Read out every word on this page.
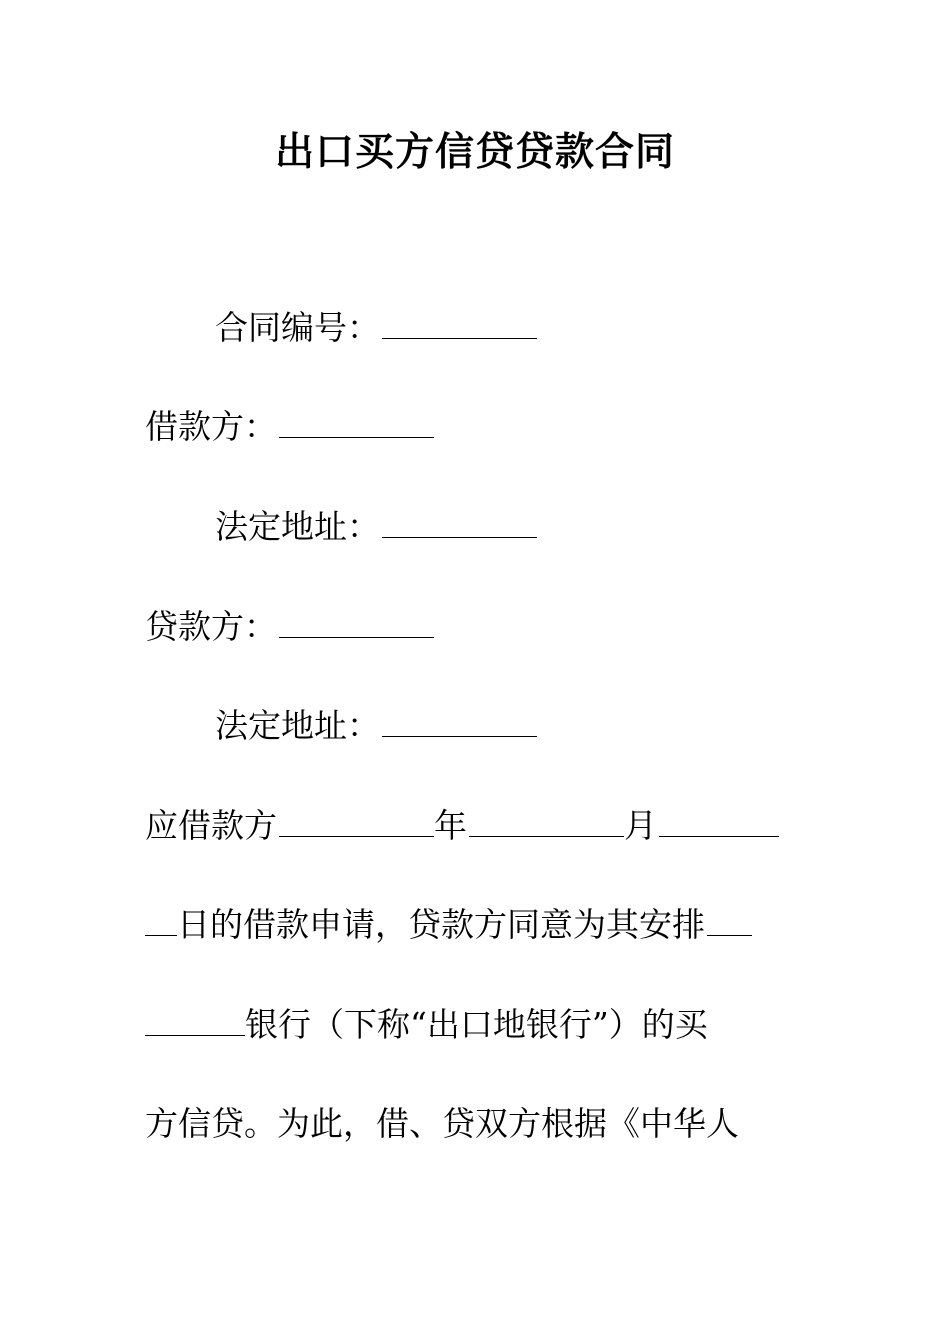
出口买方信贷贷款合同
合同编号：
借款方：
法定地址：
贷款方：
法定地址：
应借款方	年	月
日的借款申请，贷款方同意为其安排
银行（下称“出口地银行”）的买
方信贷。为此，借、贷双方根据《中华人
